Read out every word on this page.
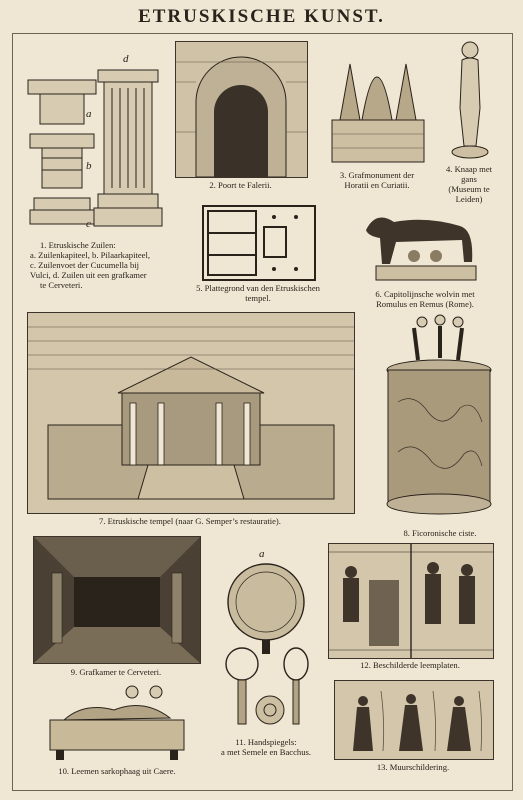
ETRUSKISCHE KUNST.
d
a
b
c
1. Etruskische Zuilen:
a. Zuilenkapiteel, b. Pilaarkapiteel,
c. Zuilenvoet der Cucumella bij
Vulci, d. Zuilen uit een grafkamer
te Cerveteri.
2. Poort te Falerii.
3. Grafmonument der
Horatii en Curiatii.
4. Knaap met
gans
(Museum te
Leiden)
5. Plattegrond van den Etruskischen
tempel.	6. Capitolijnsche wolvin met
Romulus en Remus (Rome).
7. Etruskische tempel (naar G. Semper’s restauratie).
8. Ficoronische ciste.
9. Grafkamer te Cerveteri.
10. Leemen sarkophaag uit Caere.
a
11. Handspiegels:
a met Semele en Bacchus.
12. Beschilderde leemplaten.
13. Muurschildering.
